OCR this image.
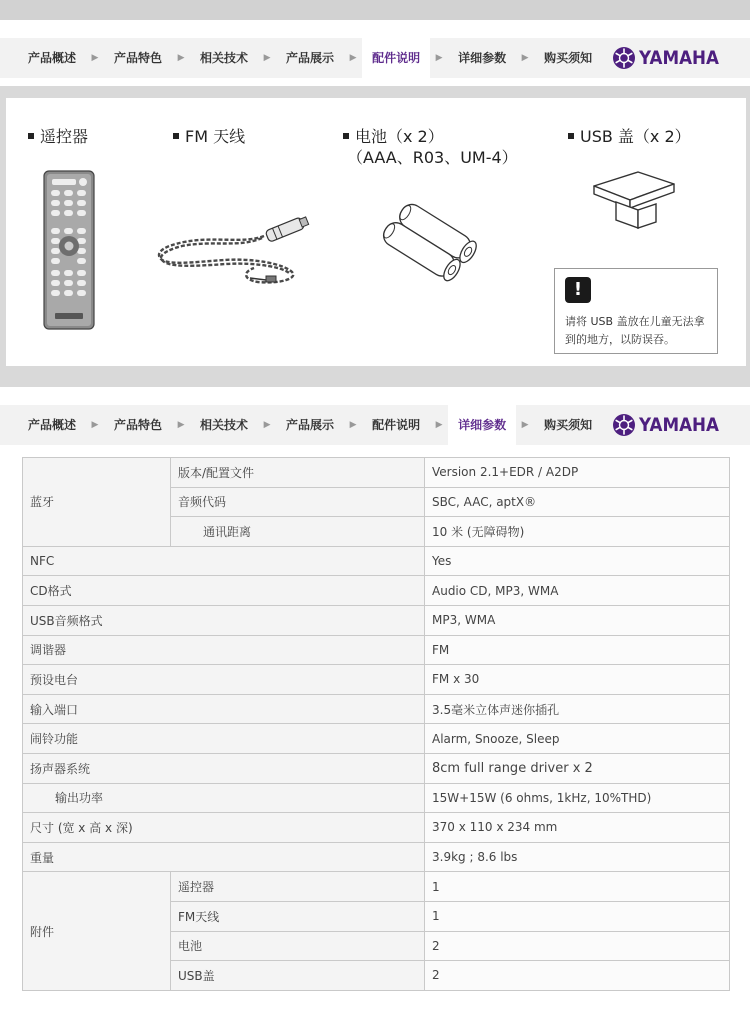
产品概述	▶	产品特色	▶	相关技术	▶	产品展示	▶	配件说明	▶	详细参数	▶	购买须知	YAMAHA
遥控器	FM 天线	电池（x 2）
（AAA、R03、UM-4）
USB 盖（x 2）
!
请将 USB 盖放在儿童无法拿到的地方，以防误吞。
产品概述	▶	产品特色	▶	相关技术	▶	产品展示	▶	配件说明	▶	详细参数	▶	购买须知	YAMAHA
蓝牙	版本/配置文件	Version 2.1+EDR / A2DP
	音频代码	SBC, AAC, aptX®
	通讯距离	10 米 (无障碍物)
NFC		Yes
CD格式		Audio CD, MP3, WMA
USB音频格式		MP3, WMA
调谐器		FM
预设电台		FM x 30
输入端口		3.5毫米立体声迷你插孔
闹铃功能		Alarm, Snooze, Sleep
扬声器系统		8cm full range driver x 2
输出功率		15W+15W (6 ohms, 1kHz, 10%THD)
尺寸 (宽 x 高 x 深)		370 x 110 x 234 mm
重量		3.9kg ; 8.6 lbs
附件	遥控器	1
	FM天线	1
	电池	2
	USB盖	2
